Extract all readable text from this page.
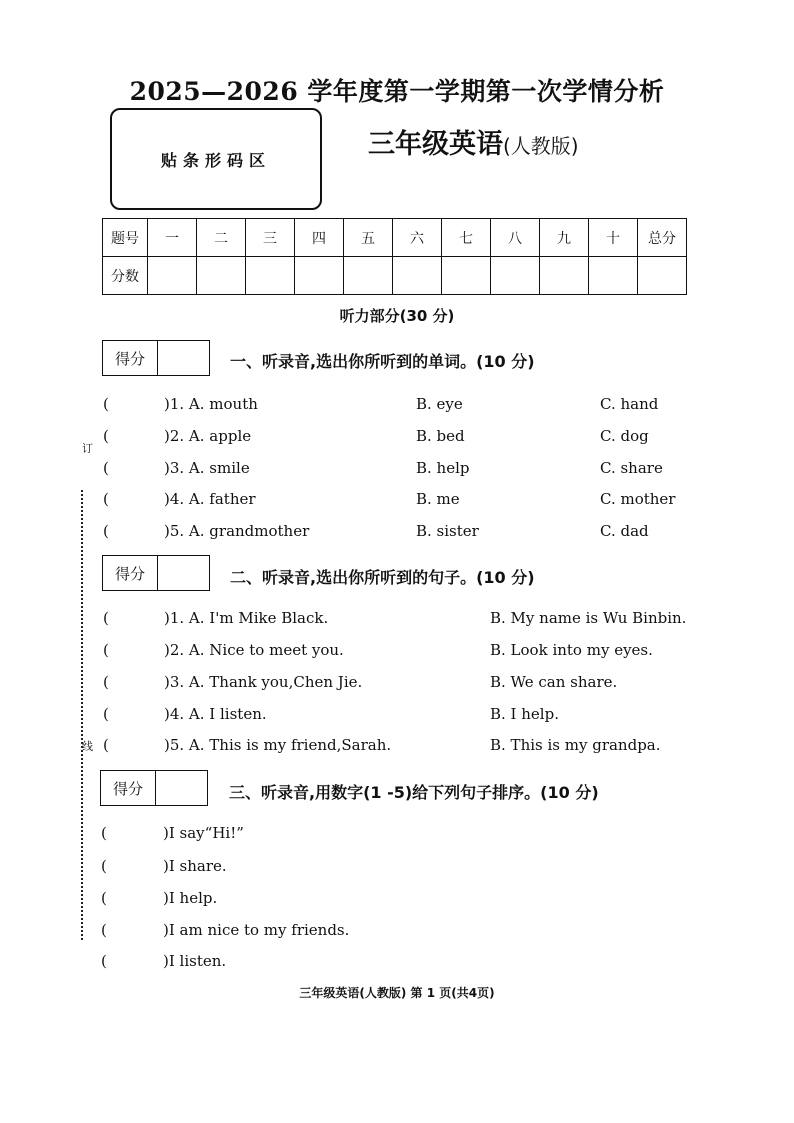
2025—2026 学年度第一学期第一次学情分析
贴条形码区
三年级英语(人教版)
题号	一	二	三	四	五	六	七	八	九	十	总分
分数											
听力部分(30 分)
订
线
得分	一、听录音,选出你所听到的单词。(10 分)
(	)1. A. mouth	B. eye	C. hand
(	)2. A. apple	B. bed	C. dog
(	)3. A. smile	B. help	C. share
(	)4. A. father	B. me	C. mother
(	)5. A. grandmother	B. sister	C. dad
得分	二、听录音,选出你所听到的句子。(10 分)
(	)1. A. I'm Mike Black.	B. My name is Wu Binbin.
(	)2. A. Nice to meet you.	B. Look into my eyes.
(	)3. A. Thank you,Chen Jie.	B. We can share.
(	)4. A. I listen.	B. I help.
(	)5. A. This is my friend,Sarah.	B. This is my grandpa.
得分	三、听录音,用数字(1 -5)给下列句子排序。(10 分)
(	)I say“Hi!”
(	)I share.
(	)I help.
(	)I am nice to my friends.
(	)I listen.
三年级英语(人教版) 第 1 页(共4页)
